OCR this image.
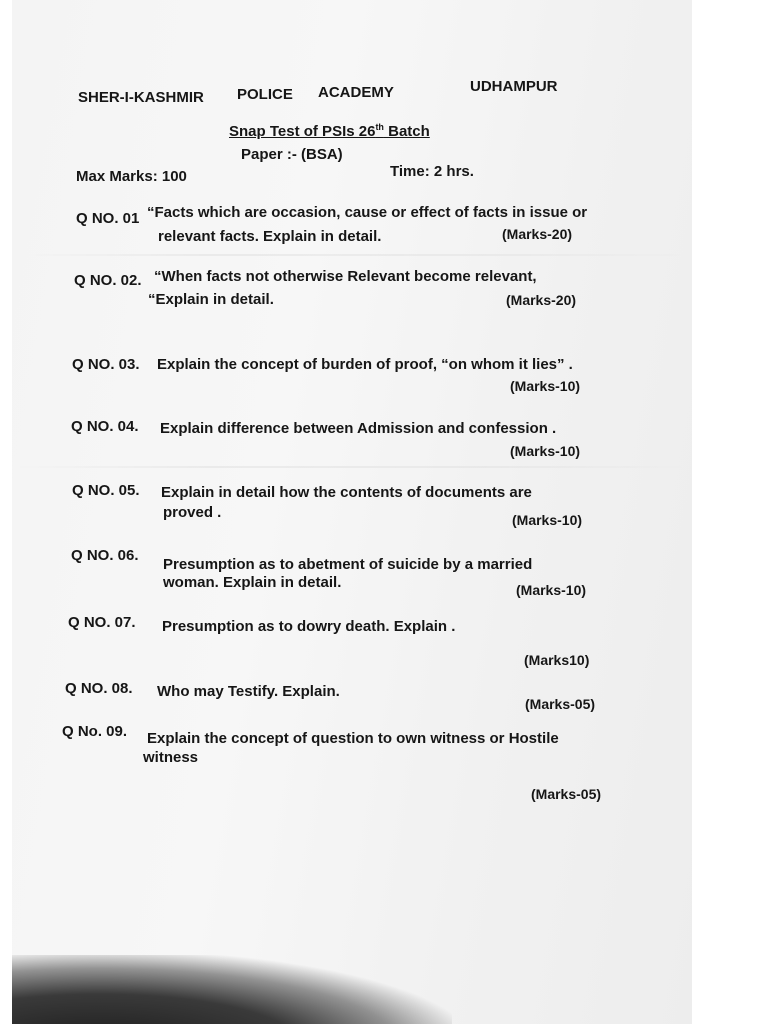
SHER-I-KASHMIR POLICE ACADEMY	UDHAMPUR
Snap Test of PSIs 26th Batch
Paper :- (BSA)
Max Marks: 100	Time: 2 hrs.
Q NO. 01 “Facts which are occasion, cause or effect of facts in issue or
relevant facts. Explain in detail.	(Marks-20)
Q NO. 02. “When facts not otherwise Relevant become relevant,
“Explain in detail.	(Marks-20)
Q NO. 03. Explain the concept of burden of proof, “on whom it lies” .
(Marks-10)
Q NO. 04. Explain difference between Admission and confession .
(Marks-10)
Q NO. 05. Explain in detail how the contents of documents are
proved .	(Marks-10)
Q NO. 06.
Presumption as to abetment of suicide by a married
woman. Explain in detail.	(Marks-10)
Q NO. 07. Presumption as to dowry death. Explain .
(Marks10)
Q NO. 08. Who may Testify. Explain.
(Marks-05)
Q No. 09. Explain the concept of question to own witness or Hostile
witness
(Marks-05)
